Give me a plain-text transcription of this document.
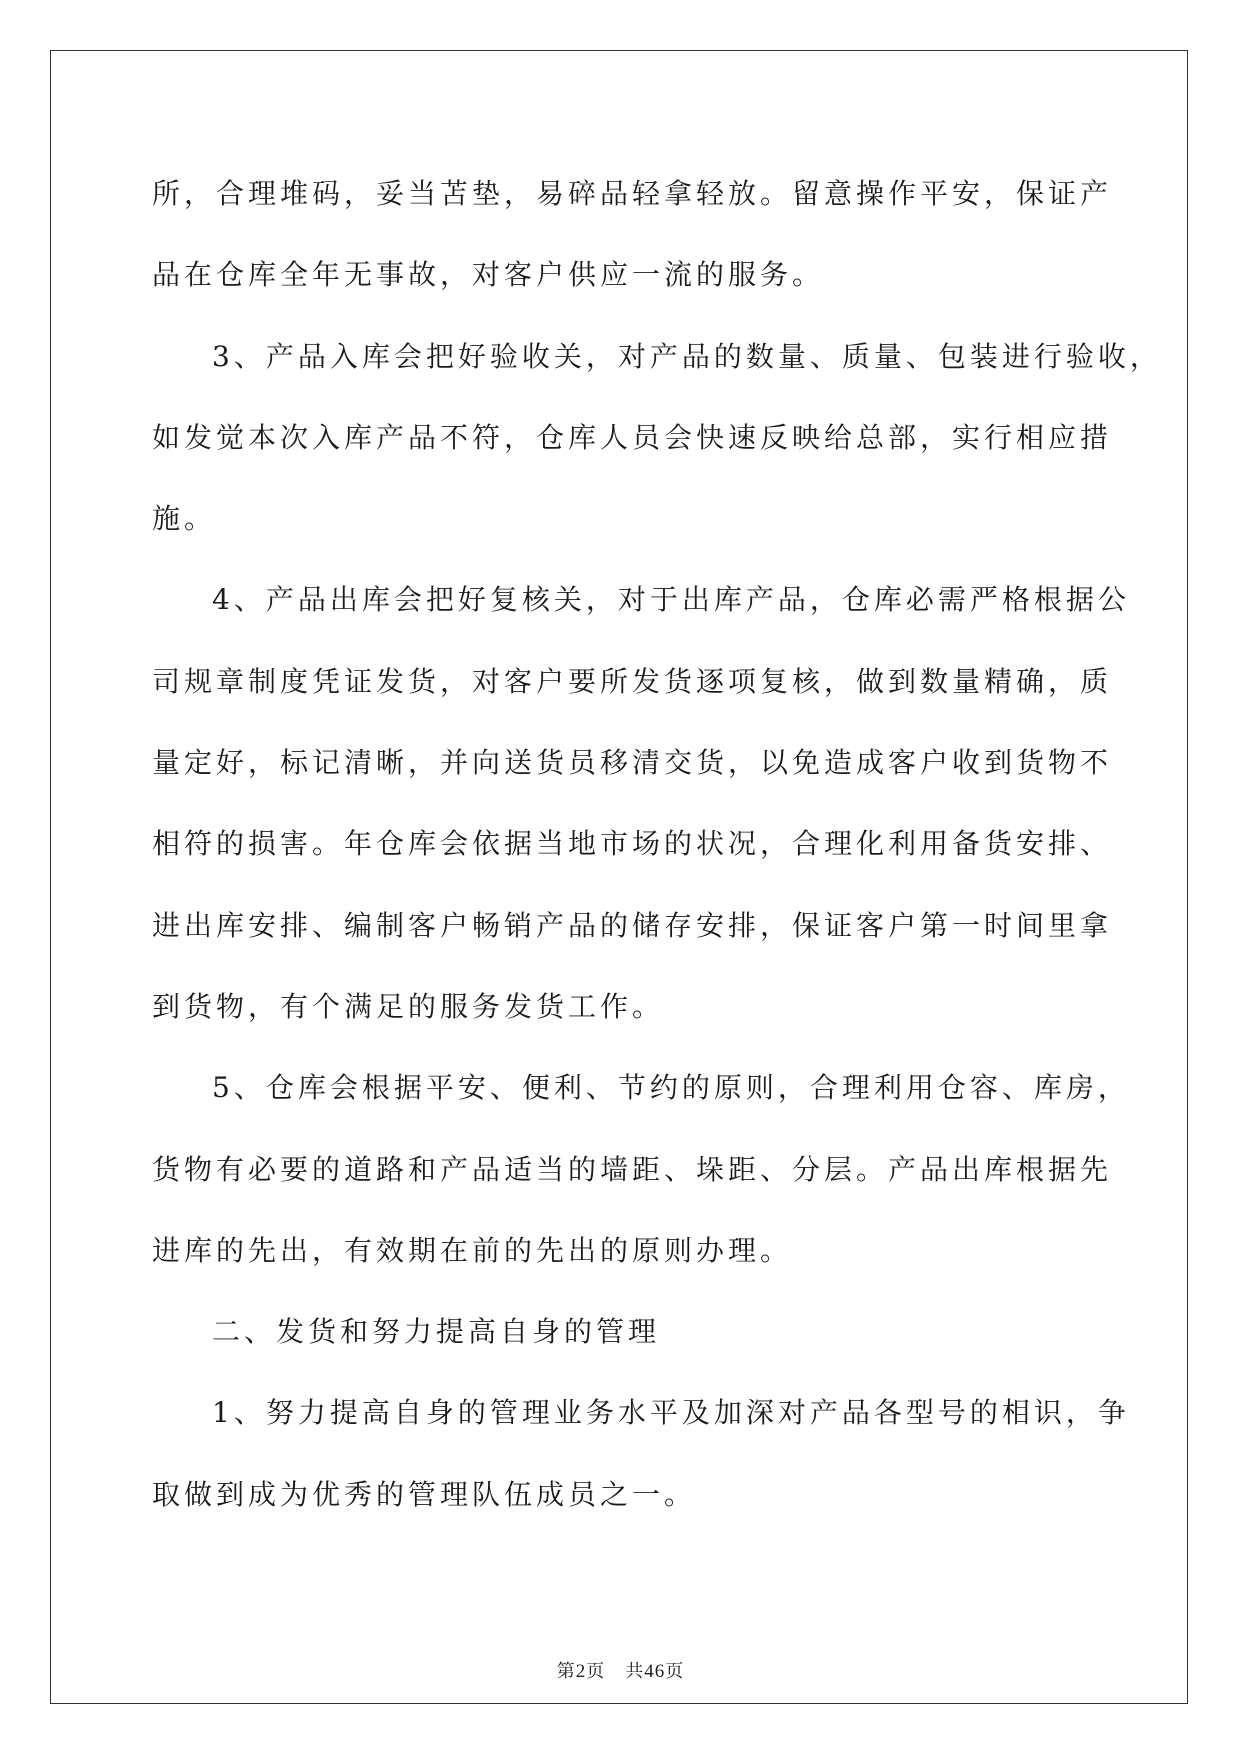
所，合理堆码，妥当苫垫，易碎品轻拿轻放。留意操作平安，保证产
品在仓库全年无事故，对客户供应一流的服务。

3、产品入库会把好验收关，对产品的数量、质量、包装进行验收，
如发觉本次入库产品不符，仓库人员会快速反映给总部，实行相应措
施。

4、产品出库会把好复核关，对于出库产品，仓库必需严格根据公
司规章制度凭证发货，对客户要所发货逐项复核，做到数量精确，质
量定好，标记清晰，并向送货员移清交货，以免造成客户收到货物不
相符的损害。年仓库会依据当地市场的状况，合理化利用备货安排、
进出库安排、编制客户畅销产品的储存安排，保证客户第一时间里拿
到货物，有个满足的服务发货工作。

5、仓库会根据平安、便利、节约的原则，合理利用仓容、库房，
货物有必要的道路和产品适当的墙距、垛距、分层。产品出库根据先
进库的先出，有效期在前的先出的原则办理。

二、发货和努力提高自身的管理

1、努力提高自身的管理业务水平及加深对产品各型号的相识，争
取做到成为优秀的管理队伍成员之一。

第2页 共46页
